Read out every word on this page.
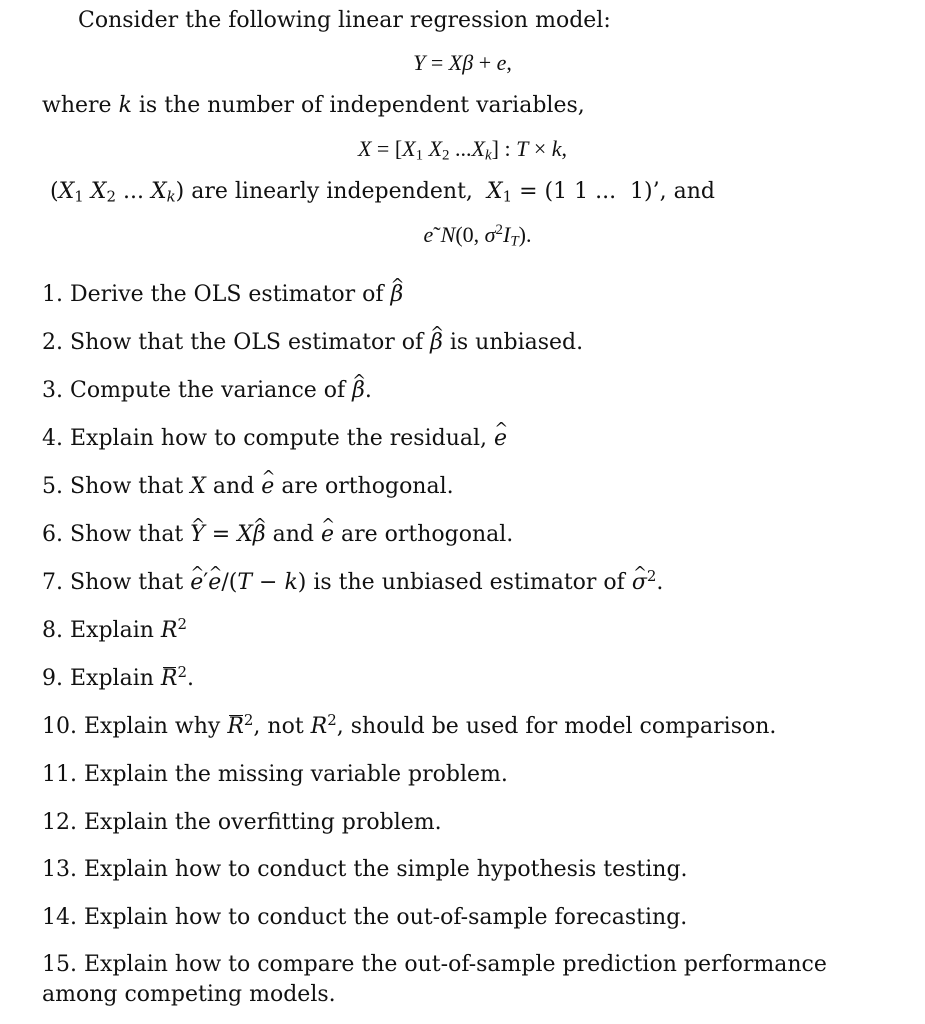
Consider the following linear regression model:
Y = Xβ + e,
where k is the number of independent variables,
$X = [X_1$ $X_2$ $...X_k$] : T × k,
($X_1$ $X_2$ ... $X_k$) are linearly independent,  $X_1 = (1$ 1 ...  1)’, and
e˜N(0, $\sigma^2I_T$).
1. Derive the OLS estimator of β ^
2. Show that the OLS estimator of β ^ is unbiased.
3. Compute the variance of β ^.
4. Explain how to compute the residual, e ^
5. Show that X and e ^ are orthogonal.
6. Show that Y ^ = Xβ ^ and e ^ are orthogonal.
7. Show that e ^′e ^/(T − k) is the unbiased estimator of σ ^$^2$.
8. Explain $R^2$
9. Explain $R^2$.
10. Explain why $R^2$, not $R^2$, should be used for model comparison.
11. Explain the missing variable problem.
12. Explain the overfitting problem.
13. Explain how to conduct the simple hypothesis testing.
14. Explain how to conduct the out-of-sample forecasting.
15. Explain how to compare the out-of-sample prediction performance among competing models.
